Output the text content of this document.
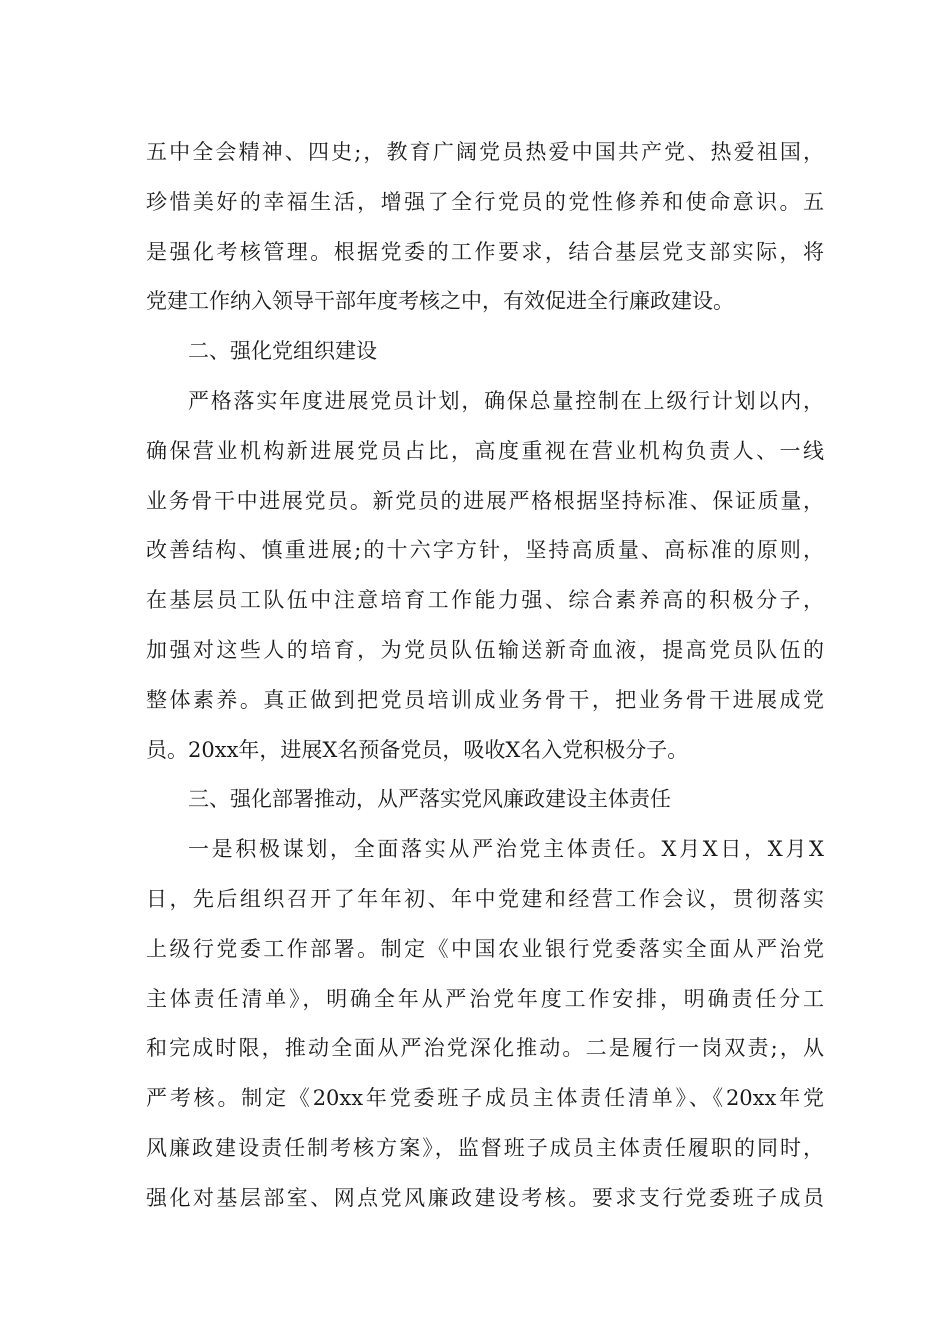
五中全会精神、四史;，教育广阔党员热爱中国共产党、热爱祖国，
珍惜美好的幸福生活，增强了全行党员的党性修养和使命意识。五
是强化考核管理。根据党委的工作要求，结合基层党支部实际，将
党建工作纳入领导干部年度考核之中，有效促进全行廉政建设。
二、强化党组织建设
严格落实年度进展党员计划，确保总量控制在上级行计划以内，
确保营业机构新进展党员占比，高度重视在营业机构负责人、一线
业务骨干中进展党员。新党员的进展严格根据坚持标准、保证质量，
改善结构、慎重进展;的十六字方针，坚持高质量、高标准的原则，
在基层员工队伍中注意培育工作能力强、综合素养高的积极分子，
加强对这些人的培育，为党员队伍输送新奇血液，提高党员队伍的
整体素养。真正做到把党员培训成业务骨干，把业务骨干进展成党
员。20xx年，进展X名预备党员，吸收X名入党积极分子。
三、强化部署推动，从严落实党风廉政建设主体责任
一是积极谋划，全面落实从严治党主体责任。X月X日，X月X
日，先后组织召开了年年初、年中党建和经营工作会议，贯彻落实
上级行党委工作部署。制定《中国农业银行党委落实全面从严治党
主体责任清单》，明确全年从严治党年度工作安排，明确责任分工
和完成时限，推动全面从严治党深化推动。二是履行一岗双责;，从
严考核。制定《20xx年党委班子成员主体责任清单》、《20xx年党
风廉政建设责任制考核方案》，监督班子成员主体责任履职的同时，
强化对基层部室、网点党风廉政建设考核。要求支行党委班子成员
